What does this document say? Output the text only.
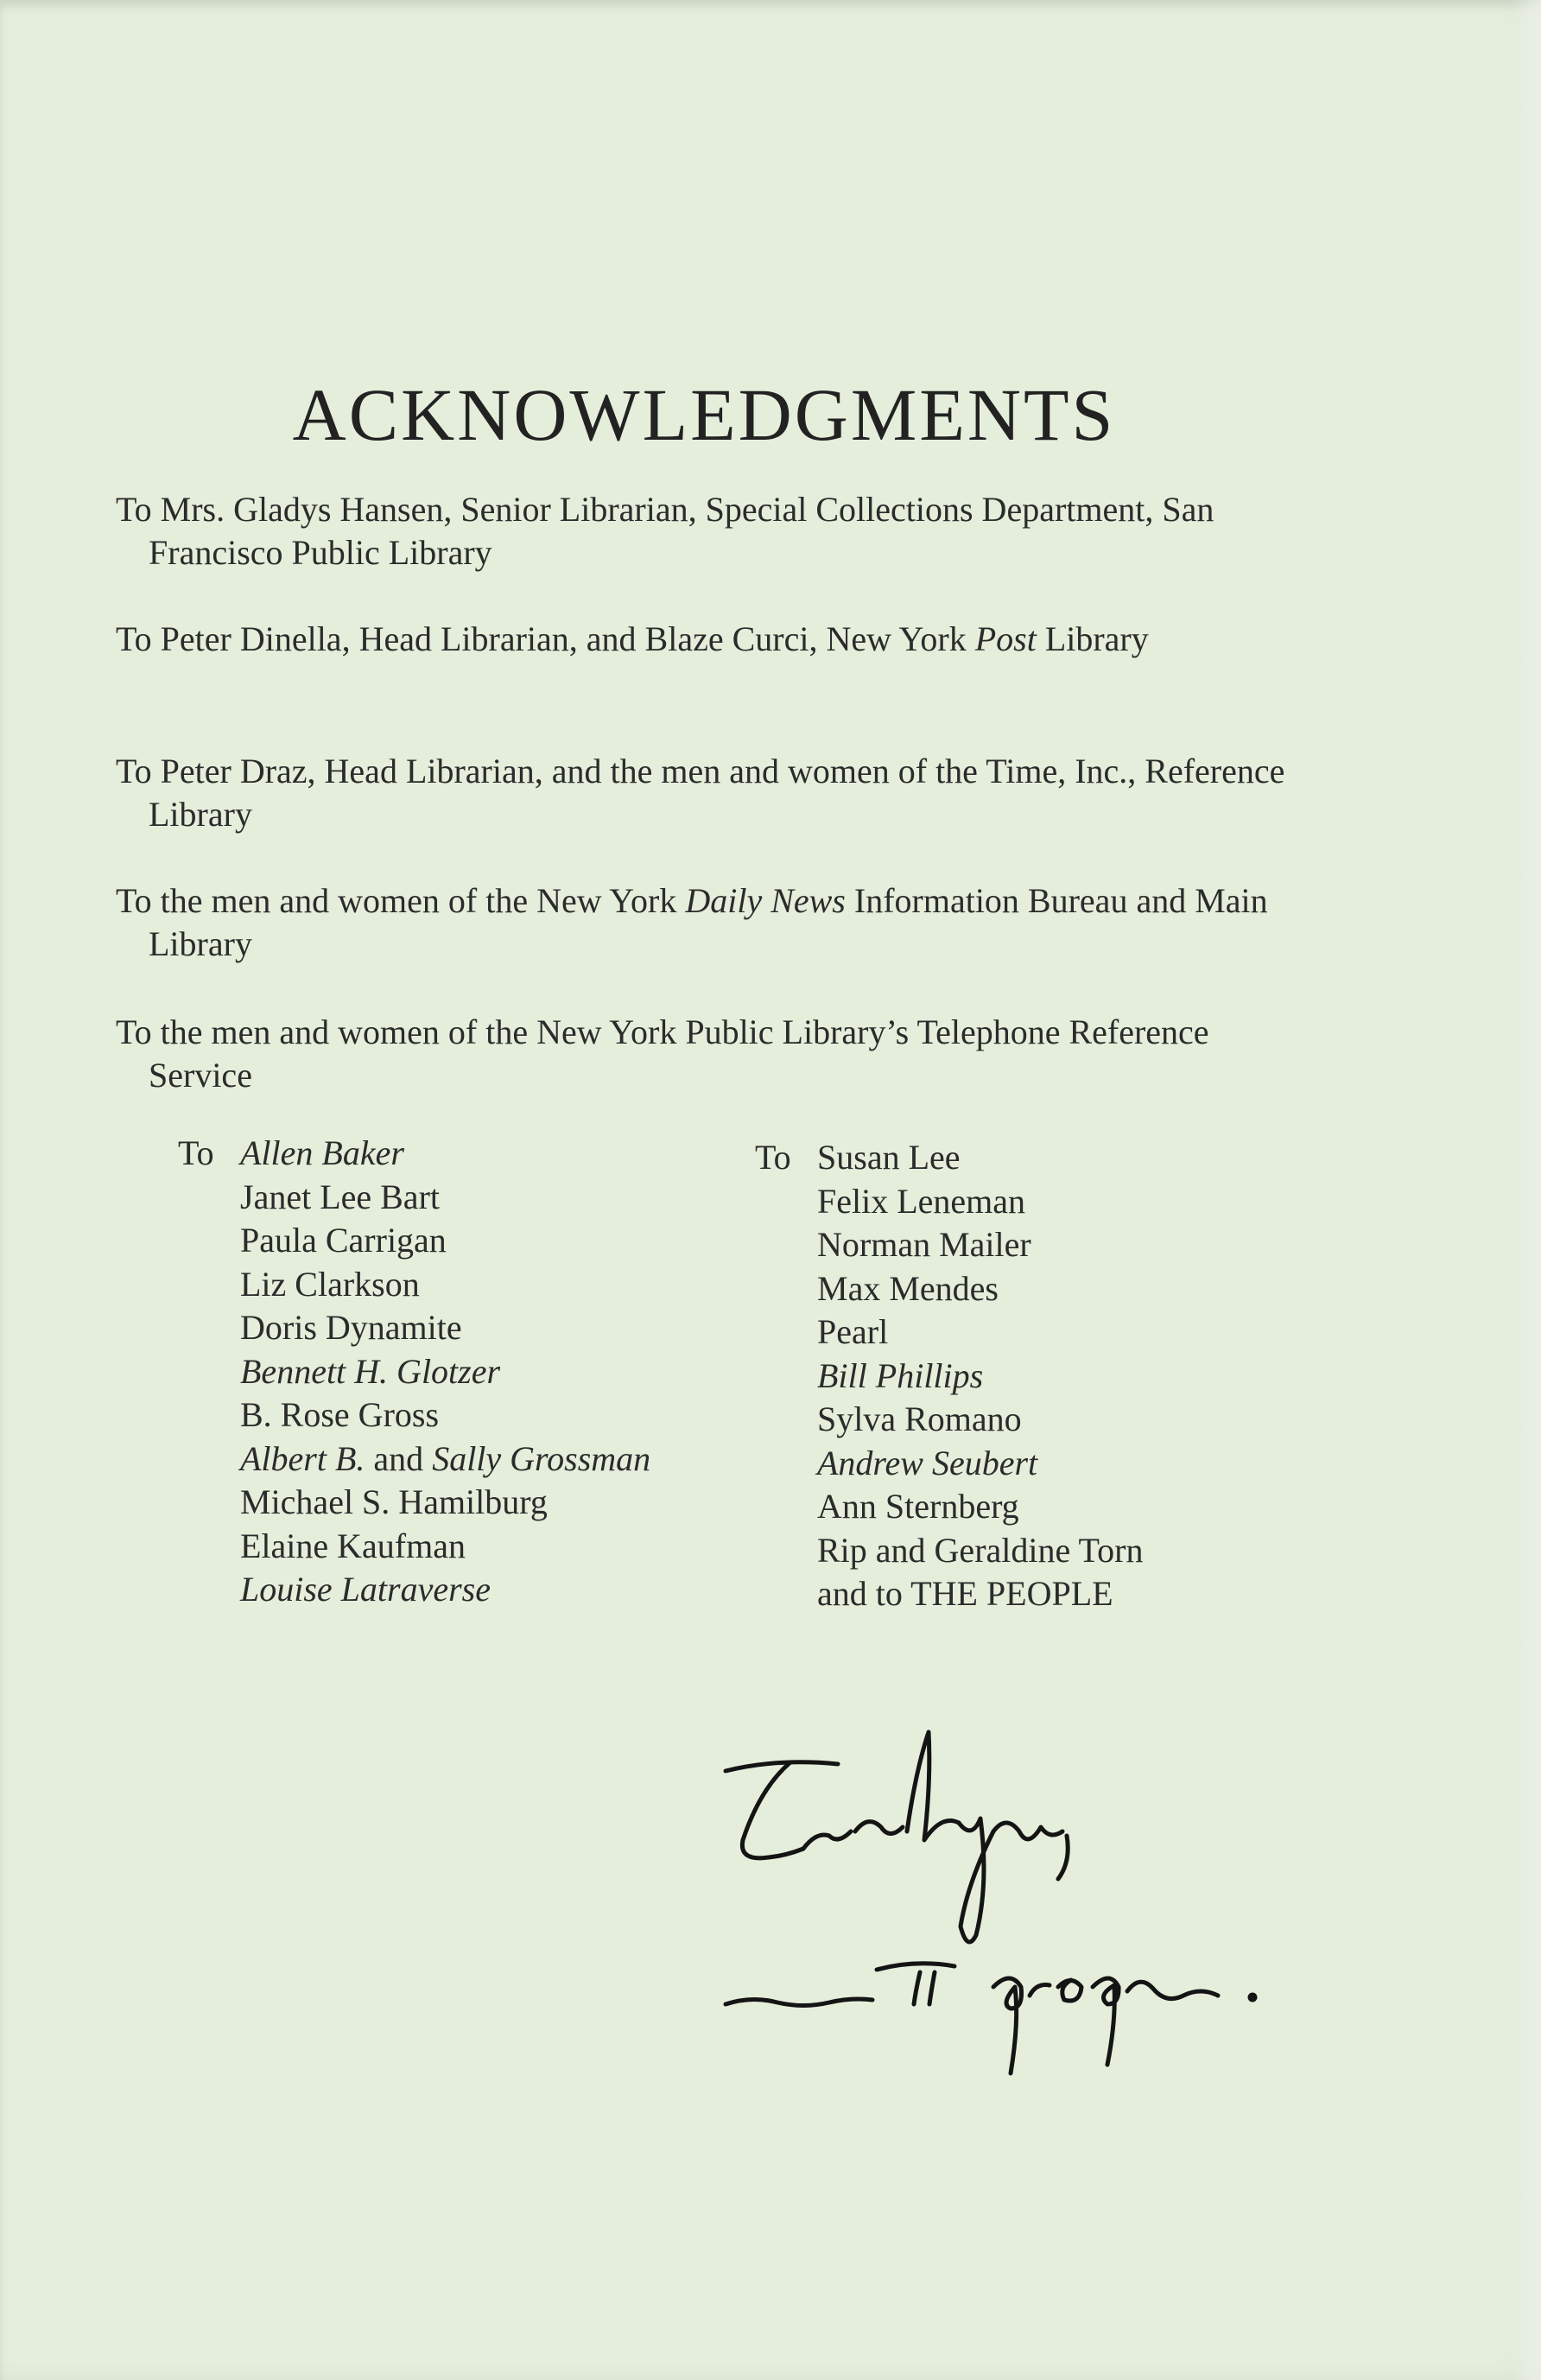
ACKNOWLEDGMENTS
To Mrs. Gladys Hansen, Senior Librarian, Special Collections Department, San Francisco Public Library
To Peter Dinella, Head Librarian, and Blaze Curci, New York Post Library
To Peter Draz, Head Librarian, and the men and women of the Time, Inc., Reference Library
To the men and women of the New York Daily News Information Bureau and Main Library
To the men and women of the New York Public Library’s Telephone Reference Service
To Allen Baker
Janet Lee Bart
Paula Carrigan
Liz Clarkson
Doris Dynamite
Bennett H. Glotzer
B. Rose Gross
Albert B. and Sally Grossman
Michael S. Hamilburg
Elaine Kaufman
Louise Latraverse
To Susan Lee
Felix Leneman
Norman Mailer
Max Mendes
Pearl
Bill Phillips
Sylva Romano
Andrew Seubert
Ann Sternberg
Rip and Geraldine Torn
and to THE PEOPLE
